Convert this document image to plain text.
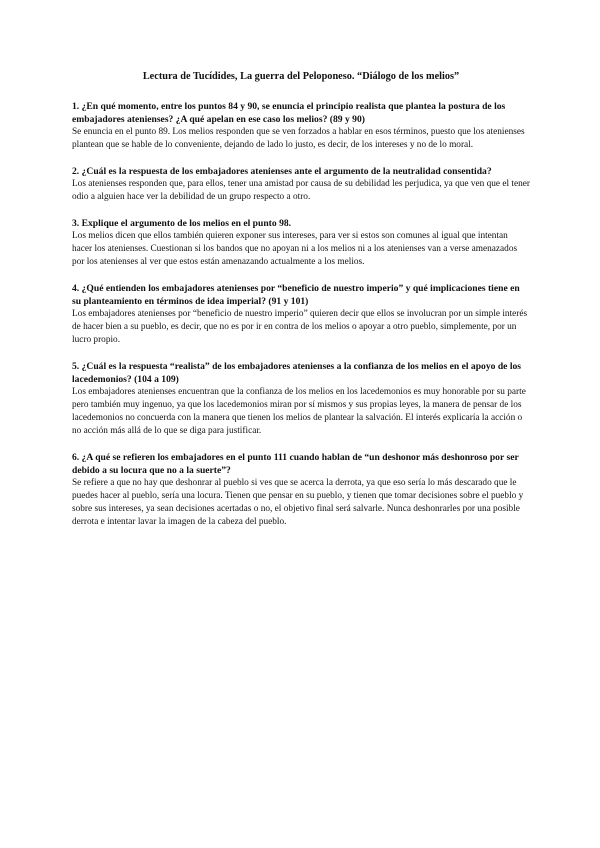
Lectura de Tucídides, La guerra del Peloponeso. “Diálogo de los melios”

1. ¿En qué momento, entre los puntos 84 y 90, se enuncia el principio realista que plantea la postura de los embajadores atenienses? ¿A qué apelan en ese caso los melios? (89 y 90)

Se enuncia en el punto 89. Los melios responden que se ven forzados a hablar en esos términos, puesto que los atenienses plantean que se hable de lo conveniente, dejando de lado lo justo, es decir, de los intereses y no de lo moral.

2. ¿Cuál es la respuesta de los embajadores atenienses ante el argumento de la neutralidad consentida?

Los atenienses responden que, para ellos, tener una amistad por causa de su debilidad les perjudica, ya que ven que el tener odio a alguien hace ver la debilidad de un grupo respecto a otro.

3. Explique el argumento de los melios en el punto 98.

Los melios dicen que ellos también quieren exponer sus intereses, para ver si estos son comunes al igual que intentan hacer los atenienses. Cuestionan si los bandos que no apoyan ni a los melios ni a los atenienses van a verse amenazados por los atenienses al ver que estos están amenazando actualmente a los melios.

4. ¿Qué entienden los embajadores atenienses por “beneficio de nuestro imperio” y qué implicaciones tiene en su planteamiento en términos de idea imperial? (91 y 101)

Los embajadores atenienses por “beneficio de nuestro imperio” quieren decir que ellos se involucran por un simple interés de hacer bien a su pueblo, es decir, que no es por ir en contra de los melios o apoyar a otro pueblo, simplemente, por un lucro propio.

5. ¿Cuál es la respuesta “realista” de los embajadores atenienses a la confianza de los melios en el apoyo de los lacedemonios? (104 a 109)

Los embajadores atenienses encuentran que la confianza de los melios en los lacedemonios es muy honorable por su parte pero también muy ingenuo, ya que los lacedemonios miran por sí mismos y sus propias leyes, la manera de pensar de los lacedemonios no concuerda con la manera que tienen los melios de plantear la salvación. El interés explicaría la acción o no acción más allá de lo que se diga para justificar.

6. ¿A qué se refieren los embajadores en el punto 111 cuando hablan de “un deshonor más deshonroso por ser debido a su locura que no a la suerte”?

Se refiere a que no hay que deshonrar al pueblo si ves que se acerca la derrota, ya que eso sería lo más descarado que le puedes hacer al pueblo, sería una locura. Tienen que pensar en su pueblo, y tienen que tomar decisiones sobre el pueblo y sobre sus intereses, ya sean decisiones acertadas o no, el objetivo final será salvarle. Nunca deshonrarles por una posible derrota e intentar lavar la imagen de la cabeza del pueblo.
